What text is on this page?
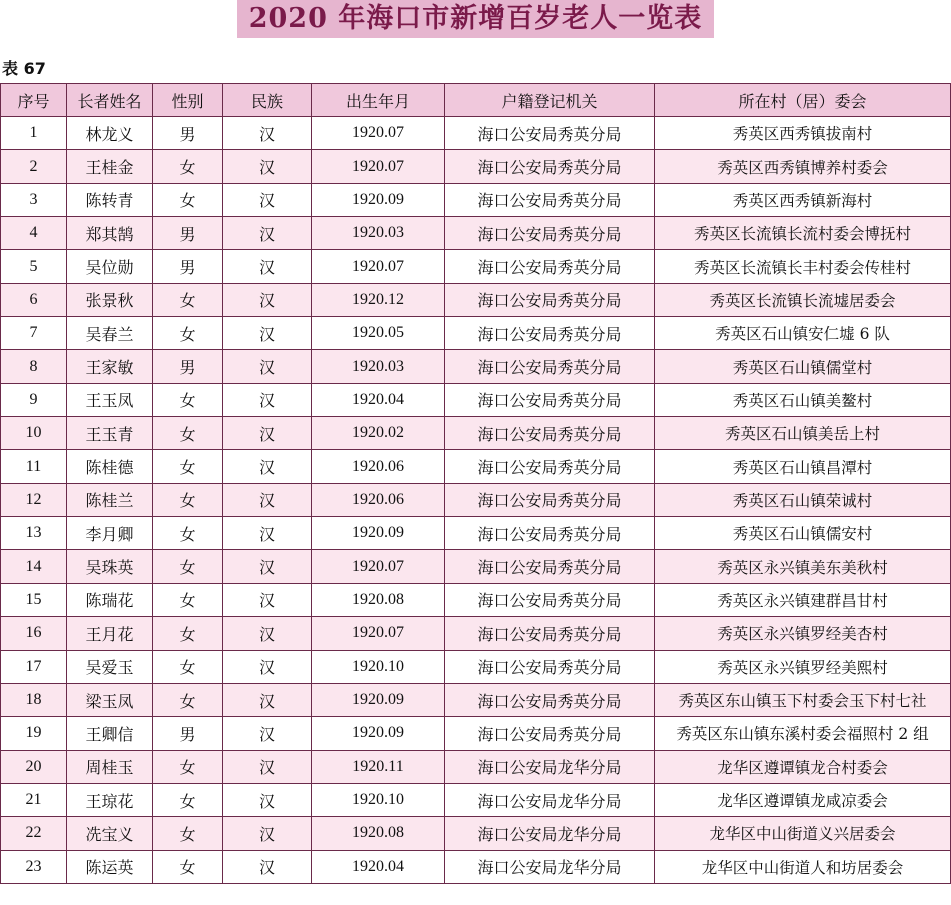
2020 年海口市新增百岁老人一览表
表 67
序号	长者姓名	性别	民族	出生年月	户籍登记机关	所在村（居）委会
1	林龙义	男	汉	1920.07	海口公安局秀英分局	秀英区西秀镇拔南村
2	王桂金	女	汉	1920.07	海口公安局秀英分局	秀英区西秀镇博养村委会
3	陈转青	女	汉	1920.09	海口公安局秀英分局	秀英区西秀镇新海村
4	郑其鹄	男	汉	1920.03	海口公安局秀英分局	秀英区长流镇长流村委会博抚村
5	吴位勋	男	汉	1920.07	海口公安局秀英分局	秀英区长流镇长丰村委会传桂村
6	张景秋	女	汉	1920.12	海口公安局秀英分局	秀英区长流镇长流墟居委会
7	吴春兰	女	汉	1920.05	海口公安局秀英分局	秀英区石山镇安仁墟 6 队
8	王家敏	男	汉	1920.03	海口公安局秀英分局	秀英区石山镇儒堂村
9	王玉凤	女	汉	1920.04	海口公安局秀英分局	秀英区石山镇美鳌村
10	王玉青	女	汉	1920.02	海口公安局秀英分局	秀英区石山镇美岳上村
11	陈桂德	女	汉	1920.06	海口公安局秀英分局	秀英区石山镇昌潭村
12	陈桂兰	女	汉	1920.06	海口公安局秀英分局	秀英区石山镇荣诚村
13	李月卿	女	汉	1920.09	海口公安局秀英分局	秀英区石山镇儒安村
14	吴珠英	女	汉	1920.07	海口公安局秀英分局	秀英区永兴镇美东美秋村
15	陈瑞花	女	汉	1920.08	海口公安局秀英分局	秀英区永兴镇建群昌甘村
16	王月花	女	汉	1920.07	海口公安局秀英分局	秀英区永兴镇罗经美杏村
17	吴爱玉	女	汉	1920.10	海口公安局秀英分局	秀英区永兴镇罗经美熙村
18	梁玉凤	女	汉	1920.09	海口公安局秀英分局	秀英区东山镇玉下村委会玉下村七社
19	王卿信	男	汉	1920.09	海口公安局秀英分局	秀英区东山镇东溪村委会福照村 2 组
20	周桂玉	女	汉	1920.11	海口公安局龙华分局	龙华区遵谭镇龙合村委会
21	王琼花	女	汉	1920.10	海口公安局龙华分局	龙华区遵谭镇龙咸凉委会
22	冼宝义	女	汉	1920.08	海口公安局龙华分局	龙华区中山街道义兴居委会
23	陈运英	女	汉	1920.04	海口公安局龙华分局	龙华区中山街道人和坊居委会
